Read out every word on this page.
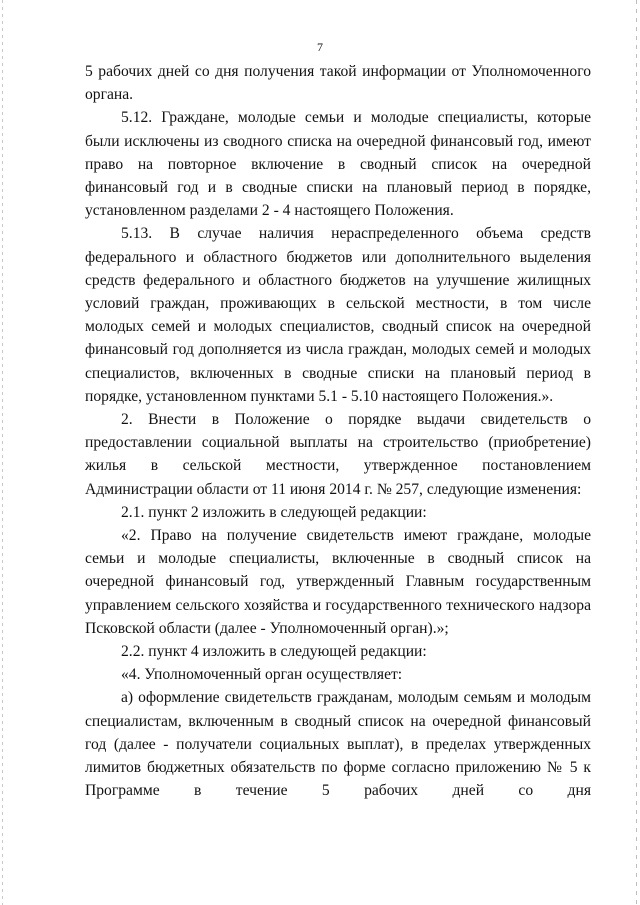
7

5 рабочих дней со дня получения такой информации от Уполномоченного органа.

5.12. Граждане, молодые семьи и молодые специалисты, которые были исключены из сводного списка на очередной финансовый год, имеют право на повторное включение в сводный список на очередной финансовый год и в сводные списки на плановый период в порядке, установленном разделами 2 - 4 настоящего Положения.

5.13. В случае наличия нераспределенного объема средств федерального и областного бюджетов или дополнительного выделения средств федерального и областного бюджетов на улучшение жилищных условий граждан, проживающих в сельской местности, в том числе молодых семей и молодых специалистов, сводный список на очередной финансовый год дополняется из числа граждан, молодых семей и молодых специалистов, включенных в сводные списки на плановый период в порядке, установленном пунктами 5.1 - 5.10 настоящего Положения.».

2. Внести в Положение о порядке выдачи свидетельств о предоставлении социальной выплаты на строительство (приобретение) жилья в сельской местности, утвержденное постановлением Администрации области от 11 июня 2014 г. № 257, следующие изменения:

2.1. пункт 2 изложить в следующей редакции:

«2. Право на получение свидетельств имеют граждане, молодые семьи и молодые специалисты, включенные в сводный список на очередной финансовый год, утвержденный Главным государственным управлением сельского хозяйства и государственного технического надзора Псковской области (далее - Уполномоченный орган).»;

2.2. пункт 4 изложить в следующей редакции:

«4. Уполномоченный орган осуществляет:

а) оформление свидетельств гражданам, молодым семьям и молодым специалистам, включенным в сводный список на очередной финансовый год (далее - получатели социальных выплат), в пределах утвержденных лимитов бюджетных обязательств по форме согласно приложению № 5 к Программе в течение 5 рабочих дней со дня
